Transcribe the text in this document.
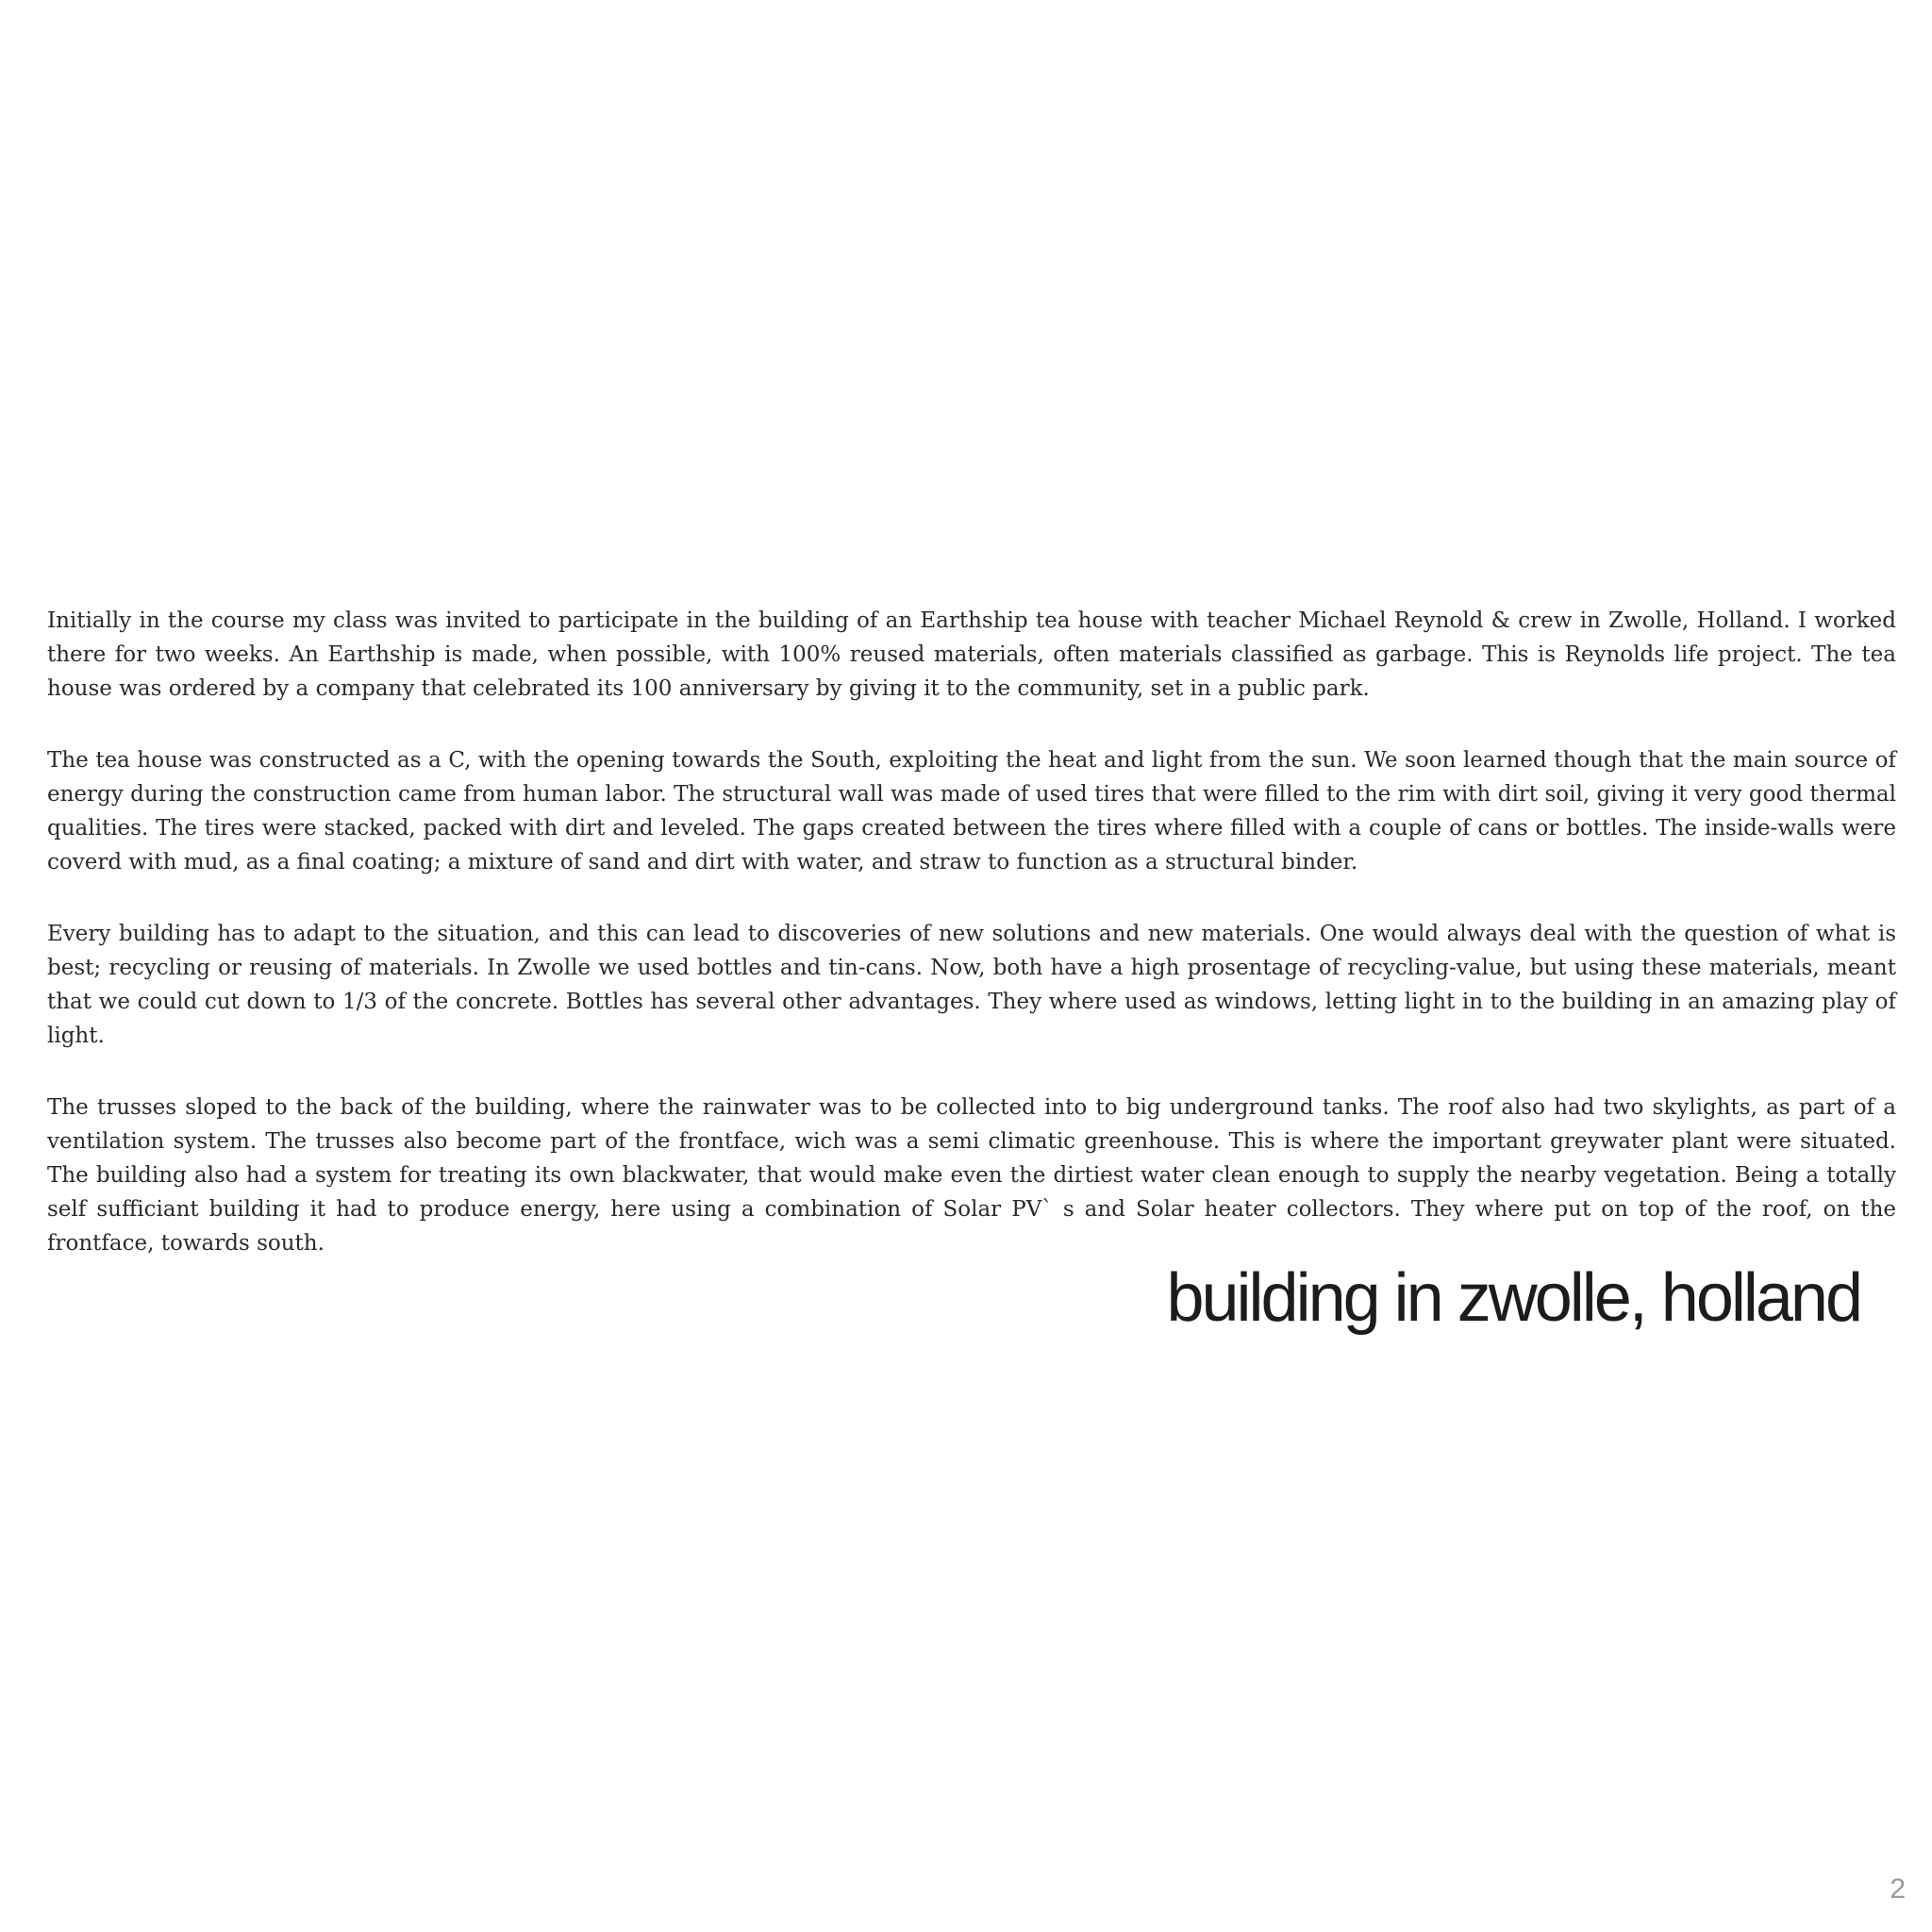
Initially in the course my class was invited to participate in the building of an Earthship tea house with teacher Michael Reynold & crew in Zwolle, Holland. I worked there for two weeks. An Earthship is made, when possible, with 100% reused materials, often materials classified as garbage. This is Reynolds life project. The tea house was ordered by a company that celebrated its 100 anniversary by giving it to the community, set in a public park.

The tea house was constructed as a C, with the opening towards the South, exploiting the heat and light from the sun. We soon learned though that the main source of energy during the construction came from human labor. The structural wall was made of used tires that were filled to the rim with dirt soil, giving it very good thermal qualities. The tires were stacked, packed with dirt and leveled. The gaps created between the tires where filled with a couple of cans or bottles. The inside-walls were coverd with mud, as a final coating; a mixture of sand and dirt with water, and straw to function as a structural binder.

Every building has to adapt to the situation, and this can lead to discoveries of new solutions and new materials. One would always deal with the question of what is best; recycling or reusing of materials. In Zwolle we used bottles and tin-cans. Now, both have a high prosentage of recycling-value, but using these materials, meant that we could cut down to 1/3 of the concrete. Bottles has several other advantages. They where used as windows, letting light in to the building in an amazing play of light.

The trusses sloped to the back of the building, where the rainwater was to be collected into to big underground tanks. The roof also had two skylights, as part of a ventilation system. The trusses also become part of the frontface, wich was a semi climatic greenhouse. This is where the important greywater plant were situated. The building also had a system for treating its own blackwater, that would make even the dirtiest water clean enough to supply the nearby vegetation. Being a totally self sufficiant building it had to produce energy, here using a combination of Solar PV` s and Solar heater collectors. They where put on top of the roof, on the frontface, towards south.

building in zwolle, holland
2
